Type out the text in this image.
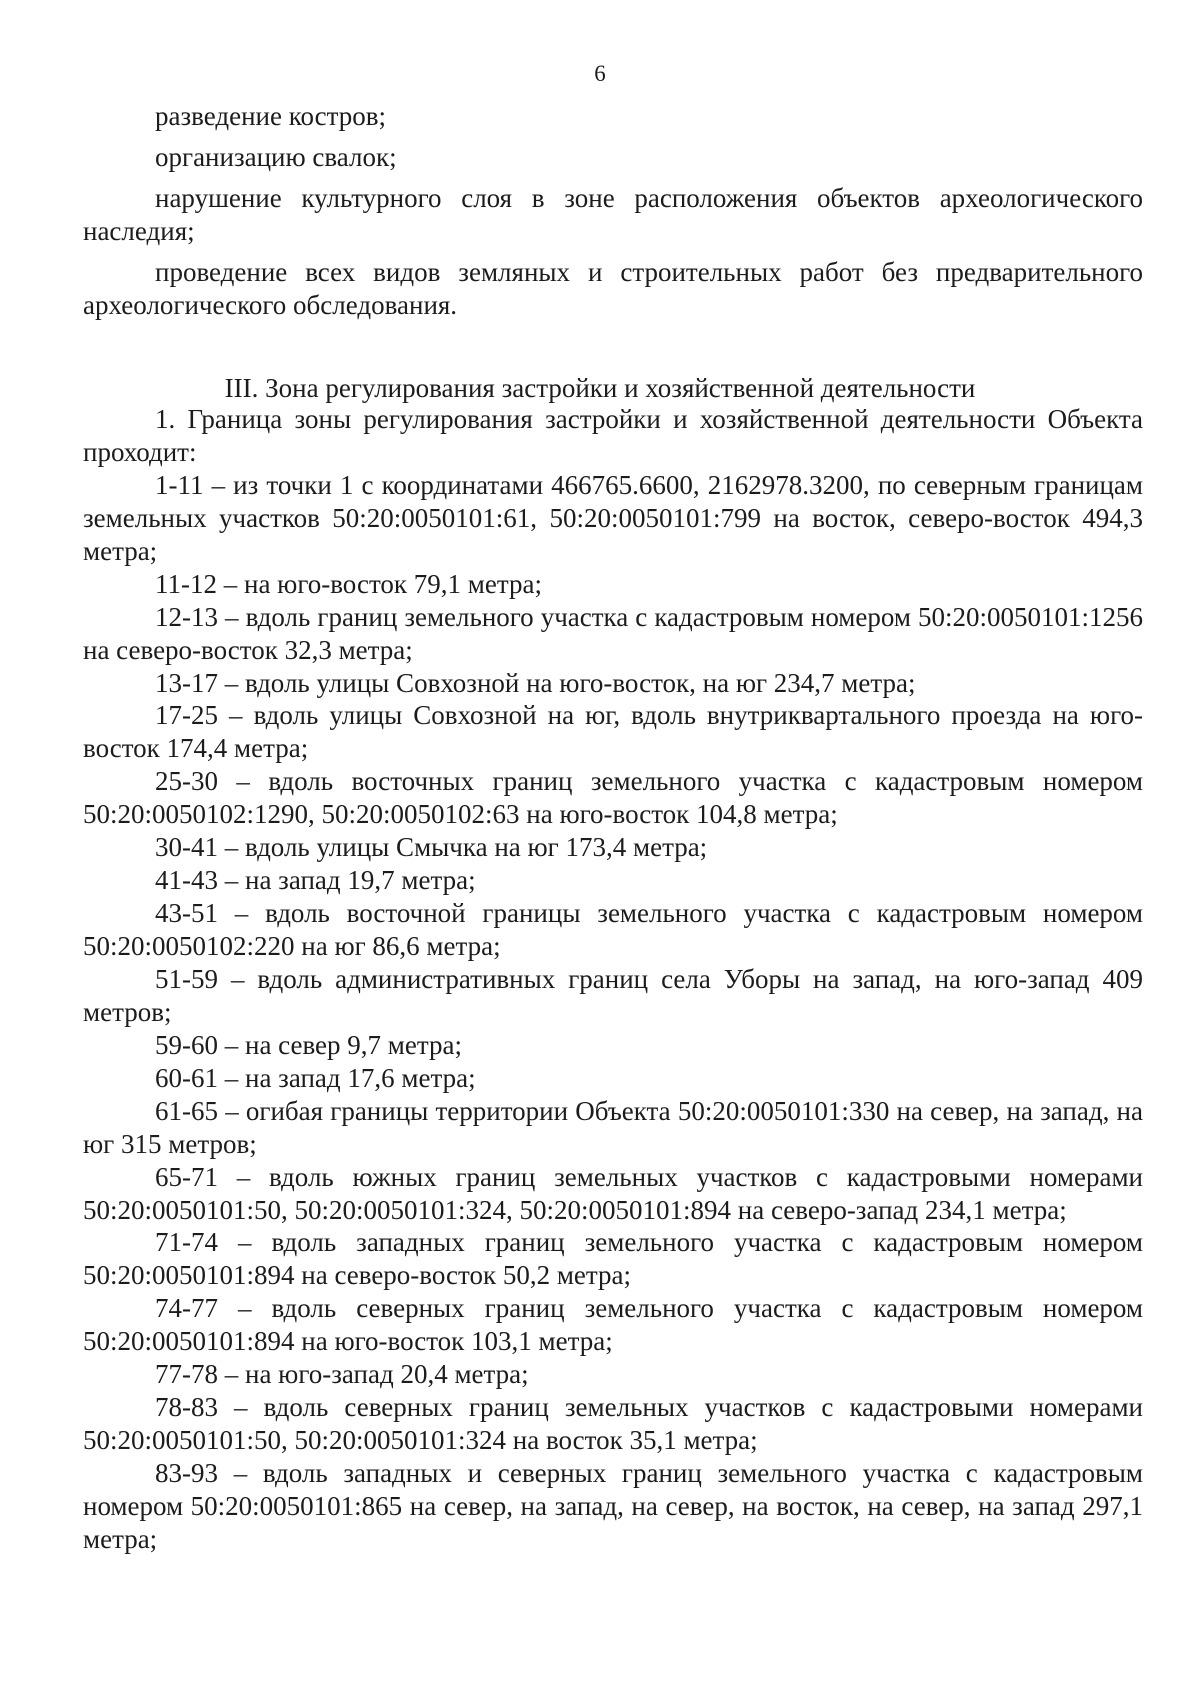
6

разведение костров;

организацию свалок;

нарушение культурного слоя в зоне расположения объектов археологического наследия;

проведение всех видов земляных и строительных работ без предварительного археологического обследования.

III. Зона регулирования застройки и хозяйственной деятельности

1. Граница зоны регулирования застройки и хозяйственной деятельности Объекта проходит:

1-11 – из точки 1 с координатами 466765.6600, 2162978.3200, по северным границам земельных участков 50:20:0050101:61, 50:20:0050101:799 на восток, северо-восток 494,3 метра;

11-12 – на юго-восток 79,1 метра;

12-13 – вдоль границ земельного участка с кадастровым номером 50:20:0050101:1256 на северо-восток 32,3 метра;

13-17 – вдоль улицы Совхозной на юго-восток, на юг 234,7 метра;

17-25 – вдоль улицы Совхозной на юг, вдоль внутриквартального проезда на юго-восток 174,4 метра;

25-30 – вдоль восточных границ земельного участка с кадастровым номером 50:20:0050102:1290, 50:20:0050102:63 на юго-восток 104,8 метра;

30-41 – вдоль улицы Смычка на юг 173,4 метра;

41-43 – на запад 19,7 метра;

43-51 – вдоль восточной границы земельного участка с кадастровым номером 50:20:0050102:220 на юг 86,6 метра;

51-59 – вдоль административных границ села Уборы на запад, на юго-запад 409 метров;

59-60 – на север 9,7 метра;

60-61 – на запад 17,6 метра;

61-65 – огибая границы территории Объекта 50:20:0050101:330 на север, на запад, на юг 315 метров;

65-71 – вдоль южных границ земельных участков с кадастровыми номерами 50:20:0050101:50, 50:20:0050101:324, 50:20:0050101:894 на северо-запад 234,1 метра;

71-74 – вдоль западных границ земельного участка с кадастровым номером 50:20:0050101:894 на северо-восток 50,2 метра;

74-77 – вдоль северных границ земельного участка с кадастровым номером 50:20:0050101:894 на юго-восток 103,1 метра;

77-78 – на юго-запад 20,4 метра;

78-83 – вдоль северных границ земельных участков с кадастровыми номерами 50:20:0050101:50, 50:20:0050101:324 на восток 35,1 метра;

83-93 – вдоль западных и северных границ земельного участка с кадастровым номером 50:20:0050101:865 на север, на запад, на север, на восток, на север, на запад 297,1 метра;
